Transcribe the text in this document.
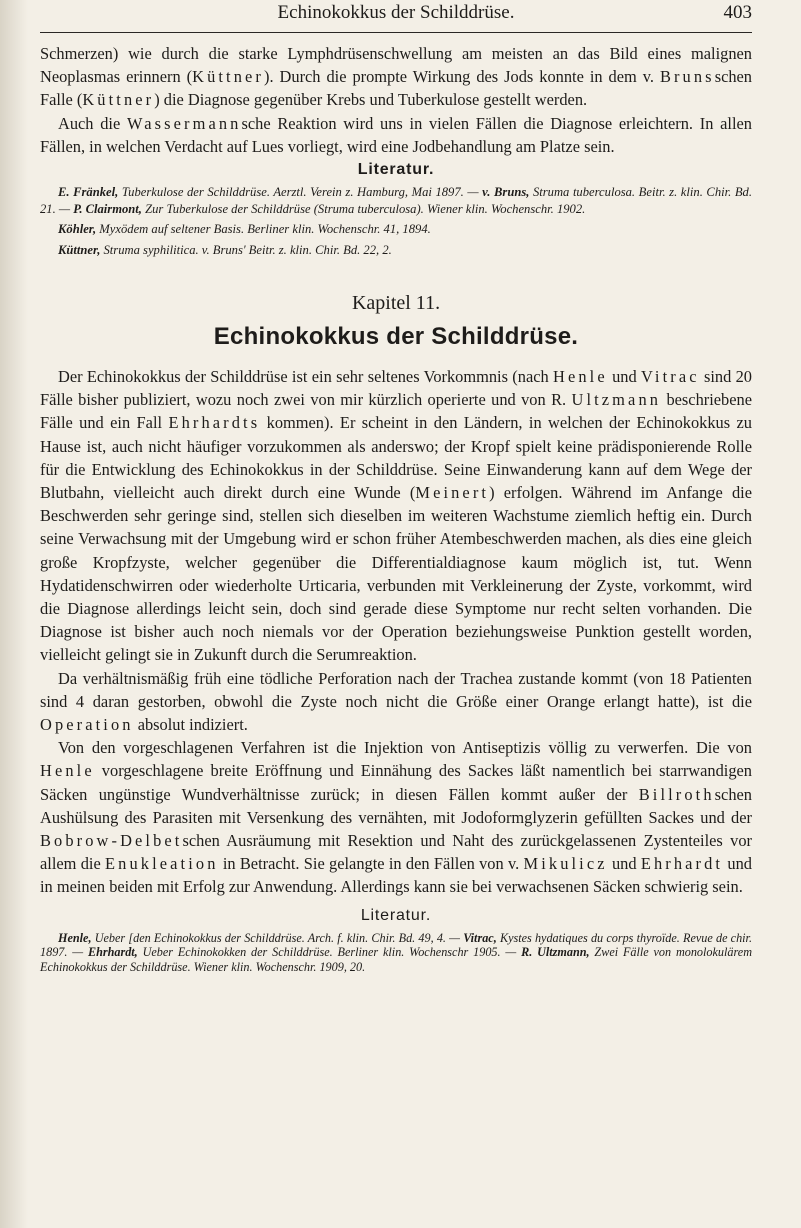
Echinokokkus der Schilddrüse.	403

Schmerzen) wie durch die starke Lymphdrüsenschwellung am meisten an das Bild eines malignen Neoplasmas erinnern (Küttner). Durch die prompte Wirkung des Jods konnte in dem v. Brunsschen Falle (Küttner) die Diagnose gegenüber Krebs und Tuberkulose gestellt werden.

Auch die Wassermannsche Reaktion wird uns in vielen Fällen die Diagnose erleichtern. In allen Fällen, in welchen Verdacht auf Lues vorliegt, wird eine Jodbehandlung am Platze sein.

Literatur.

E. Fränkel, Tuberkulose der Schilddrüse. Aerztl. Verein z. Hamburg, Mai 1897. — v. Bruns, Struma tuberculosa. Beitr. z. klin. Chir. Bd. 21. — P. Clairmont, Zur Tuberkulose der Schilddrüse (Struma tuberculosa). Wiener klin. Wochenschr. 1902.

Köhler, Myxödem auf seltener Basis. Berliner klin. Wochenschr. 41, 1894.

Küttner, Struma syphilitica. v. Bruns' Beitr. z. klin. Chir. Bd. 22, 2.

Kapitel 11.
Echinokokkus der Schilddrüse.

Der Echinokokkus der Schilddrüse ist ein sehr seltenes Vorkommnis (nach Henle und Vitrac sind 20 Fälle bisher publiziert, wozu noch zwei von mir kürzlich operierte und von R. Ultzmann beschriebene Fälle und ein Fall Ehrhardts kommen). Er scheint in den Ländern, in welchen der Echinokokkus zu Hause ist, auch nicht häufiger vorzukommen als anderswo; der Kropf spielt keine prädisponierende Rolle für die Entwicklung des Echinokokkus in der Schilddrüse. Seine Einwanderung kann auf dem Wege der Blutbahn, vielleicht auch direkt durch eine Wunde (Meinert) erfolgen. Während im Anfange die Beschwerden sehr geringe sind, stellen sich dieselben im weiteren Wachstume ziemlich heftig ein. Durch seine Verwachsung mit der Umgebung wird er schon früher Atembeschwerden machen, als dies eine gleich große Kropfzyste, welcher gegenüber die Differentialdiagnose kaum möglich ist, tut. Wenn Hydatidenschwirren oder wiederholte Urticaria, verbunden mit Verkleinerung der Zyste, vorkommt, wird die Diagnose allerdings leicht sein, doch sind gerade diese Symptome nur recht selten vorhanden. Die Diagnose ist bisher auch noch niemals vor der Operation beziehungsweise Punktion gestellt worden, vielleicht gelingt sie in Zukunft durch die Serumreaktion.

Da verhältnismäßig früh eine tödliche Perforation nach der Trachea zustande kommt (von 18 Patienten sind 4 daran gestorben, obwohl die Zyste noch nicht die Größe einer Orange erlangt hatte), ist die Operation absolut indiziert.

Von den vorgeschlagenen Verfahren ist die Injektion von Antiseptizis völlig zu verwerfen. Die von Henle vorgeschlagene breite Eröffnung und Einnähung des Sackes läßt namentlich bei starrwandigen Säcken ungünstige Wundverhältnisse zurück; in diesen Fällen kommt außer der Billrothschen Aushülsung des Parasiten mit Versenkung des vernähten, mit Jodoformglyzerin gefüllten Sackes und der Bobrow-Delbetschen Ausräumung mit Resektion und Naht des zurückgelassenen Zystenteiles vor allem die Enukleation in Betracht. Sie gelangte in den Fällen von v. Mikulicz und Ehrhardt und in meinen beiden mit Erfolg zur Anwendung. Allerdings kann sie bei verwachsenen Säcken schwierig sein.

Literatur.

Henle, Ueber [den Echinokokkus der Schilddrüse. Arch. f. klin. Chir. Bd. 49, 4. — Vitrac, Kystes hydatiques du corps thyroïde. Revue de chir. 1897. — Ehrhardt, Ueber Echinokokken der Schilddrüse. Berliner klin. Wochenschr 1905. — R. Ultzmann, Zwei Fälle von monolokulärem Echinokokkus der Schilddrüse. Wiener klin. Wochenschr. 1909, 20.
